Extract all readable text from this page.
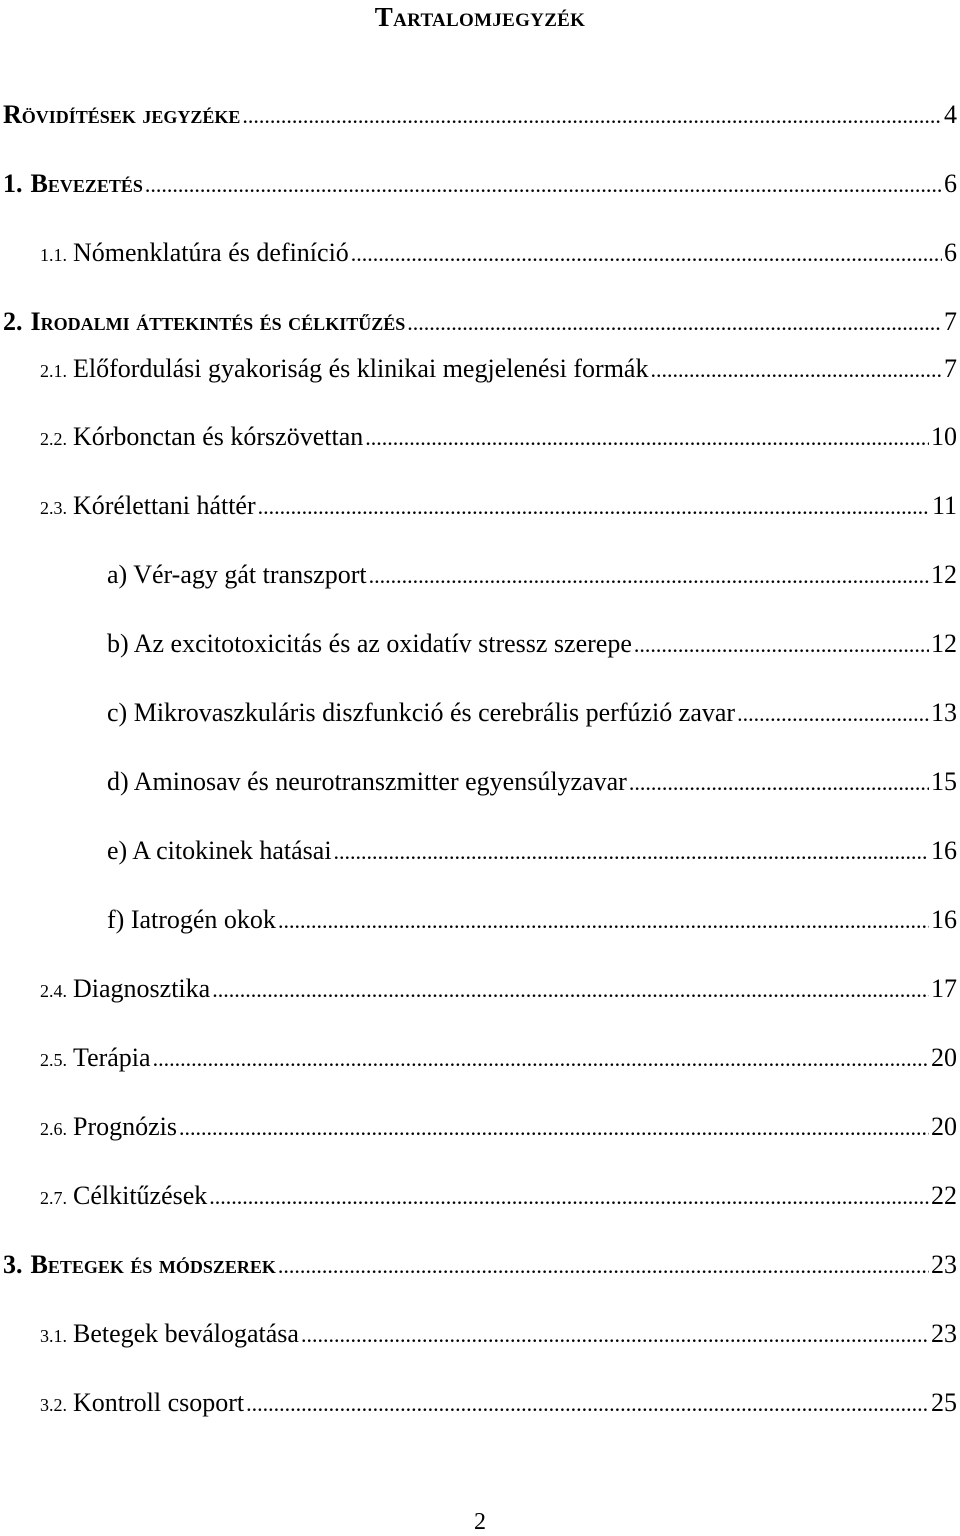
Tartalomjegyzék
Rövidítések jegyzéke .....	4
1. Bevezetés .....	6
1.1. Nómenklatúra és definíció .....	6
2. Irodalmi áttekintés és célkitűzés .....	7
2.1. Előfordulási gyakoriság és klinikai megjelenési formák .....	7
2.2. Kórbonctan és kórszövettan .....	10
2.3. Kórélettani háttér .....	11
a) Vér-agy gát transzport .....	12
b) Az excitotoxicitás és az oxidatív stressz szerepe .....	12
c) Mikrovaszkuláris diszfunkció és cerebrális perfúzió zavar .....	13
d) Aminosav és neurotranszmitter egyensúlyzavar .....	15
e) A citokinek hatásai .....	16
f) Iatrogén okok .....	16
2.4. Diagnosztika .....	17
2.5. Terápia .....	20
2.6. Prognózis .....	20
2.7. Célkitűzések .....	22
3. Betegek és módszerek .....	23
3.1. Betegek beválogatása .....	23
3.2. Kontroll csoport .....	25
2
